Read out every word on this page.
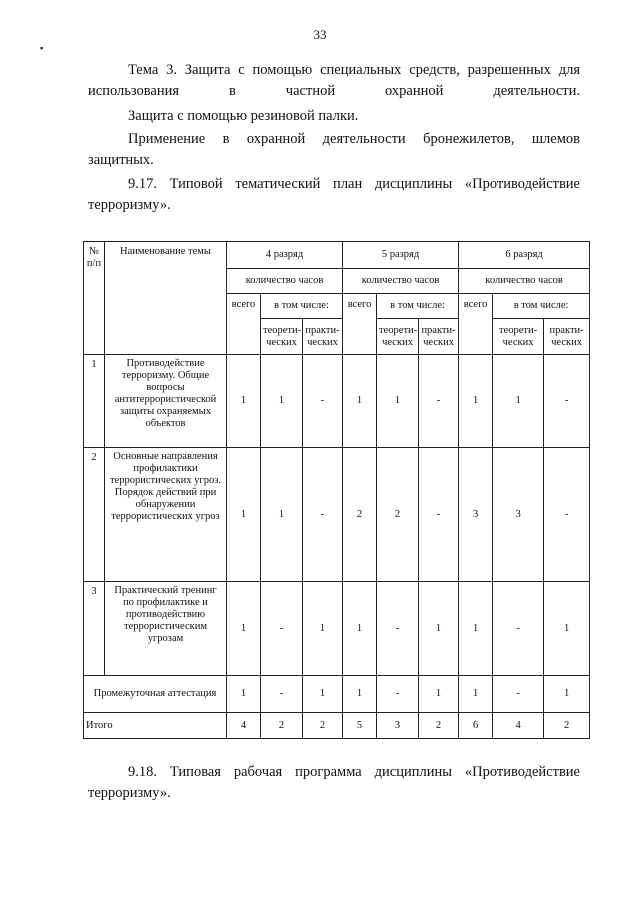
33
▪

Тема 3. Защита с помощью специальных средств, разрешенных для использования в частной охранной деятельности.

Защита с помощью резиновой палки.

Применение в охранной деятельности бронежилетов, шлемов защитных.

9.17. Типовой тематический план дисциплины «Противодействие терроризму».

№ п/п	Наименование темы	4 разряд			5 разряд			6 разряд		
		количество часов			количество часов			количество часов		
		всего	в том числе:		всего	в том числе:		всего	в том числе:	
			теорети-ческих	практи-ческих		теорети-ческих	практи-ческих		теорети-ческих	практи-ческих
1	Противодействие терроризму. Общие вопросы антитеррористической защиты охраняемых объектов	1	1	-	1	1	-	1	1	-
2	Основные направления профилактики террористических угроз. Порядок действий при обнаружении террористических угроз	1	1	-	2	2	-	3	3	-
3	Практический тренинг по профилактике и противодействию террористическим угрозам	1	-	1	1	-	1	1	-	1
Промежуточная аттестация		1	-	1	1	-	1	1	-	1
Итого		4	2	2	5	3	2	6	4	2

9.18. Типовая рабочая программа дисциплины «Противодействие терроризму».
